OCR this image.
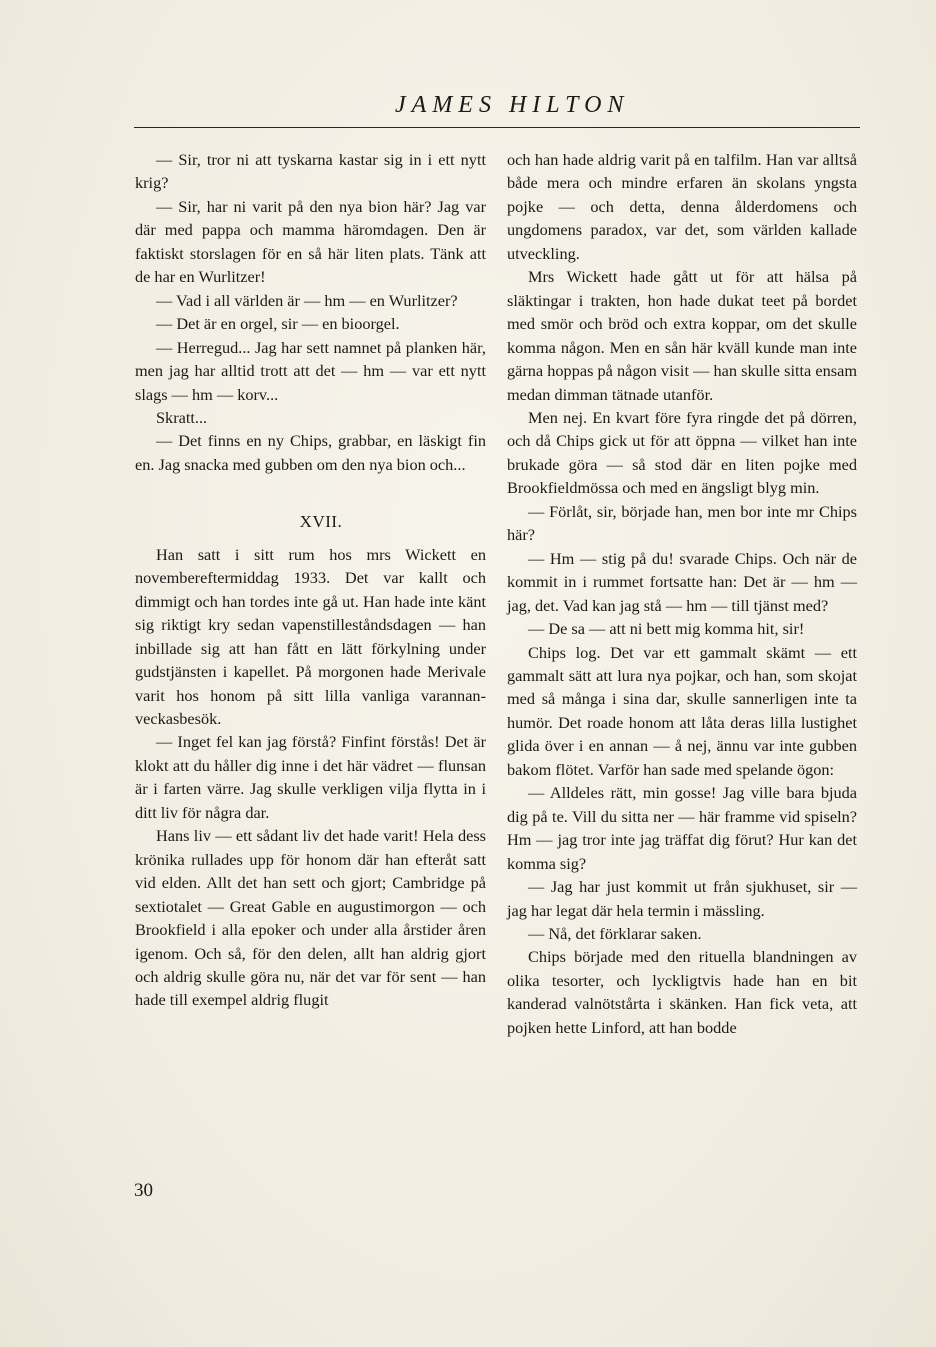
JAMES HILTON

— Sir, tror ni att tyskarna kastar sig in i ett nytt krig?

— Sir, har ni varit på den nya bion här? Jag var där med pappa och mamma häromdagen. Den är faktiskt storslagen för en så här liten plats. Tänk att de har en Wurlitzer!

— Vad i all världen är — hm — en Wurlitzer?

— Det är en orgel, sir — en bioorgel.

— Herregud... Jag har sett namnet på planken här, men jag har alltid trott att det — hm — var ett nytt slags — hm — korv...

Skratt...

— Det finns en ny Chips, grabbar, en läskigt fin en. Jag snacka med gubben om den nya bion och...

XVII.

Han satt i sitt rum hos mrs Wickett en novembereftermiddag 1933. Det var kallt och dimmigt och han tordes inte gå ut. Han hade inte känt sig riktigt kry sedan vapenstilleståndsdagen — han inbillade sig att han fått en lätt förkylning under gudstjänsten i kapellet. På morgonen hade Merivale varit hos honom på sitt lilla vanliga varannanveckasbesök.

— Inget fel kan jag förstå? Finfint förstås! Det är klokt att du håller dig inne i det här vädret — flunsan är i farten värre. Jag skulle verkligen vilja flytta in i ditt liv för några dar.

Hans liv — ett sådant liv det hade varit! Hela dess krönika rullades upp för honom där han efteråt satt vid elden. Allt det han sett och gjort; Cambridge på sextiotalet — Great Gable en augustimorgon — och Brookfield i alla epoker och under alla årstider åren igenom. Och så, för den delen, allt han aldrig gjort och aldrig skulle göra nu, när det var för sent — han hade till exempel aldrig flugit

och han hade aldrig varit på en talfilm. Han var alltså både mera och mindre erfaren än skolans yngsta pojke — och detta, denna ålderdomens och ungdomens paradox, var det, som världen kallade utveckling.

Mrs Wickett hade gått ut för att hälsa på släktingar i trakten, hon hade dukat teet på bordet med smör och bröd och extra koppar, om det skulle komma någon. Men en sån här kväll kunde man inte gärna hoppas på någon visit — han skulle sitta ensam medan dimman tätnade utanför.

Men nej. En kvart före fyra ringde det på dörren, och då Chips gick ut för att öppna — vilket han inte brukade göra — så stod där en liten pojke med Brookfieldmössa och med en ängsligt blyg min.

— Förlåt, sir, började han, men bor inte mr Chips här?

— Hm — stig på du! svarade Chips. Och när de kommit in i rummet fortsatte han: Det är — hm — jag, det. Vad kan jag stå — hm — till tjänst med?

— De sa — att ni bett mig komma hit, sir!

Chips log. Det var ett gammalt skämt — ett gammalt sätt att lura nya pojkar, och han, som skojat med så många i sina dar, skulle sannerligen inte ta humör. Det roade honom att låta deras lilla lustighet glida över i en annan — å nej, ännu var inte gubben bakom flötet. Varför han sade med spelande ögon:

— Alldeles rätt, min gosse! Jag ville bara bjuda dig på te. Vill du sitta ner — här framme vid spiseln? Hm — jag tror inte jag träffat dig förut? Hur kan det komma sig?

— Jag har just kommit ut från sjukhuset, sir — jag har legat där hela termin i mässling.

— Nå, det förklarar saken.

Chips började med den rituella blandningen av olika tesorter, och lyckligtvis hade han en bit kanderad valnötstårta i skänken. Han fick veta, att pojken hette Linford, att han bodde

30
